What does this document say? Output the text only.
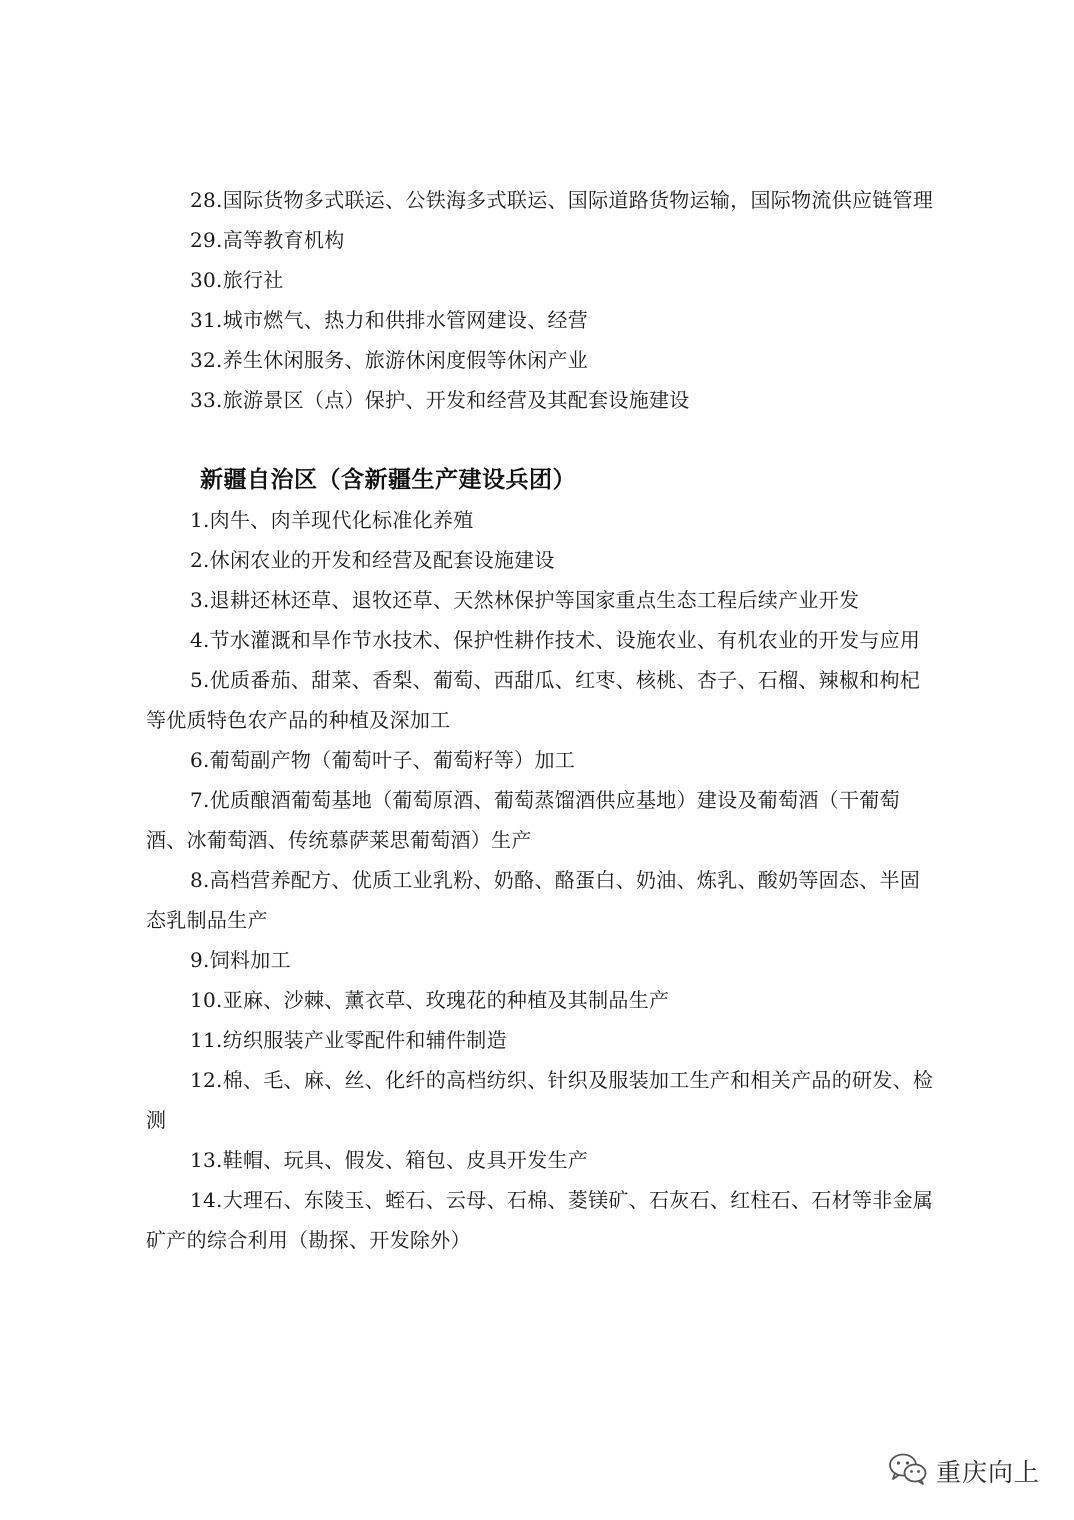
28.国际货物多式联运、公铁海多式联运、国际道路货物运输，国际物流供应链管理

29.高等教育机构

30.旅行社

31.城市燃气、热力和供排水管网建设、经营

32.养生休闲服务、旅游休闲度假等休闲产业

33.旅游景区（点）保护、开发和经营及其配套设施建设

新疆自治区（含新疆生产建设兵团）

1.肉牛、肉羊现代化标准化养殖

2.休闲农业的开发和经营及配套设施建设

3.退耕还林还草、退牧还草、天然林保护等国家重点生态工程后续产业开发

4.节水灌溉和旱作节水技术、保护性耕作技术、设施农业、有机农业的开发与应用

5.优质番茄、甜菜、香梨、葡萄、西甜瓜、红枣、核桃、杏子、石榴、辣椒和枸杞等优质特色农产品的种植及深加工

6.葡萄副产物（葡萄叶子、葡萄籽等）加工

7.优质酿酒葡萄基地（葡萄原酒、葡萄蒸馏酒供应基地）建设及葡萄酒（干葡萄酒、冰葡萄酒、传统慕萨莱思葡萄酒）生产

8.高档营养配方、优质工业乳粉、奶酪、酪蛋白、奶油、炼乳、酸奶等固态、半固态乳制品生产

9.饲料加工

10.亚麻、沙棘、薰衣草、玫瑰花的种植及其制品生产

11.纺织服装产业零配件和辅件制造

12.棉、毛、麻、丝、化纤的高档纺织、针织及服装加工生产和相关产品的研发、检测

13.鞋帽、玩具、假发、箱包、皮具开发生产

14.大理石、东陵玉、蛭石、云母、石棉、菱镁矿、石灰石、红柱石、石材等非金属矿产的综合利用（勘探、开发除外）

重庆向上
